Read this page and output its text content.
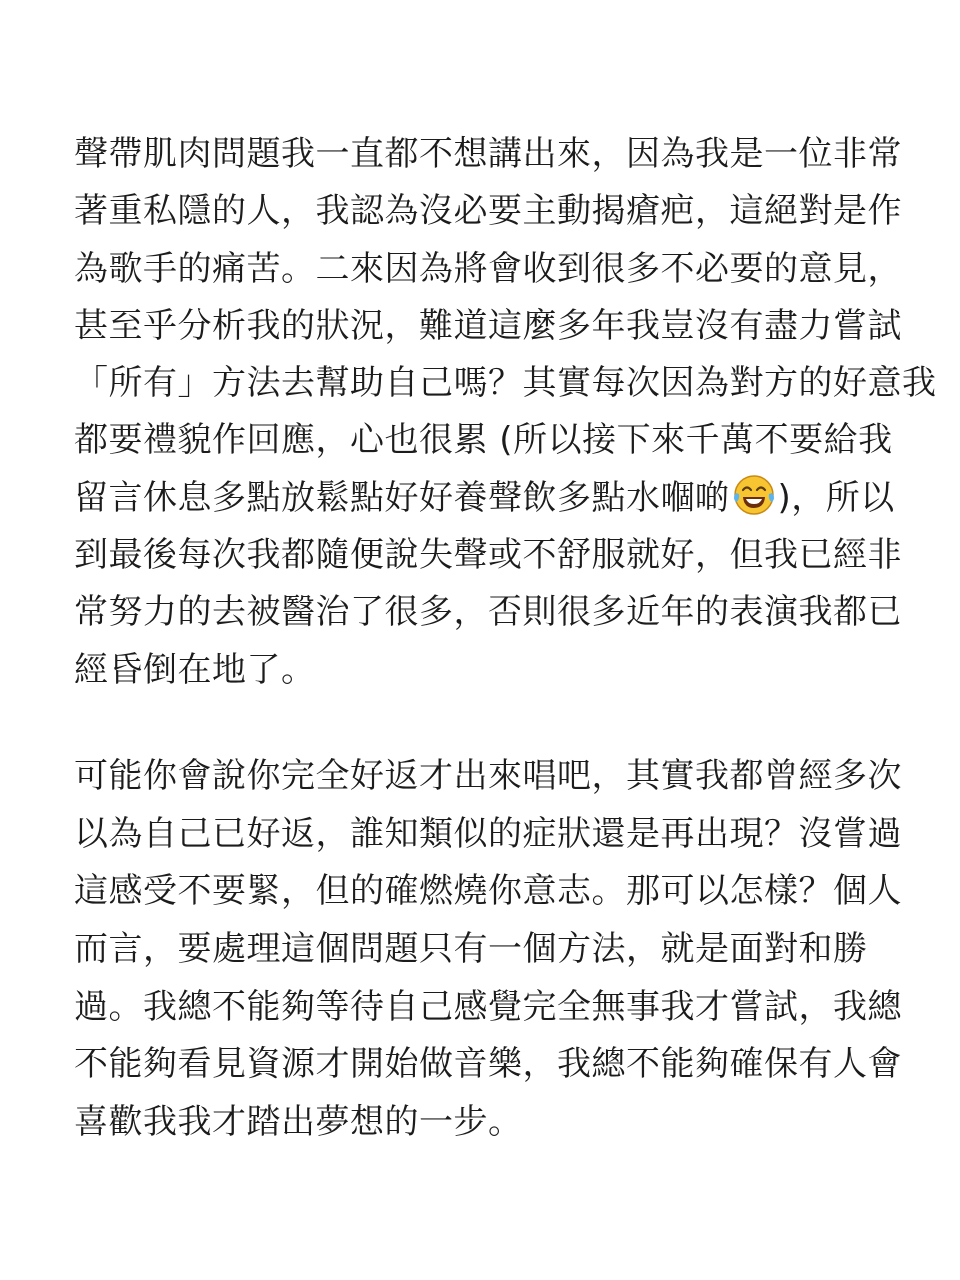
聲帶肌肉問題我一直都不想講出來，因為我是一位非常
著重私隱的人，我認為沒必要主動揭瘡疤，這絕對是作
為歌手的痛苦。二來因為將會收到很多不必要的意見，
甚至乎分析我的狀況，難道這麼多年我豈沒有盡力嘗試
「所有」方法去幫助自己嗎？其實每次因為對方的好意我
都要禮貌作回應，心也很累 (所以接下來千萬不要給我
留言休息多點放鬆點好好養聲飲多點水嗰啲 )，所以
到最後每次我都隨便說失聲或不舒服就好，但我已經非
常努力的去被醫治了很多，否則很多近年的表演我都已
經昏倒在地了。
可能你會說你完全好返才出來唱吧，其實我都曾經多次
以為自己已好返，誰知類似的症狀還是再出現？沒嘗過
這感受不要緊，但的確燃燒你意志。那可以怎樣？個人
而言，要處理這個問題只有一個方法，就是面對和勝
過。我總不能夠等待自己感覺完全無事我才嘗試，我總
不能夠看見資源才開始做音樂，我總不能夠確保有人會
喜歡我我才踏出夢想的一步。
